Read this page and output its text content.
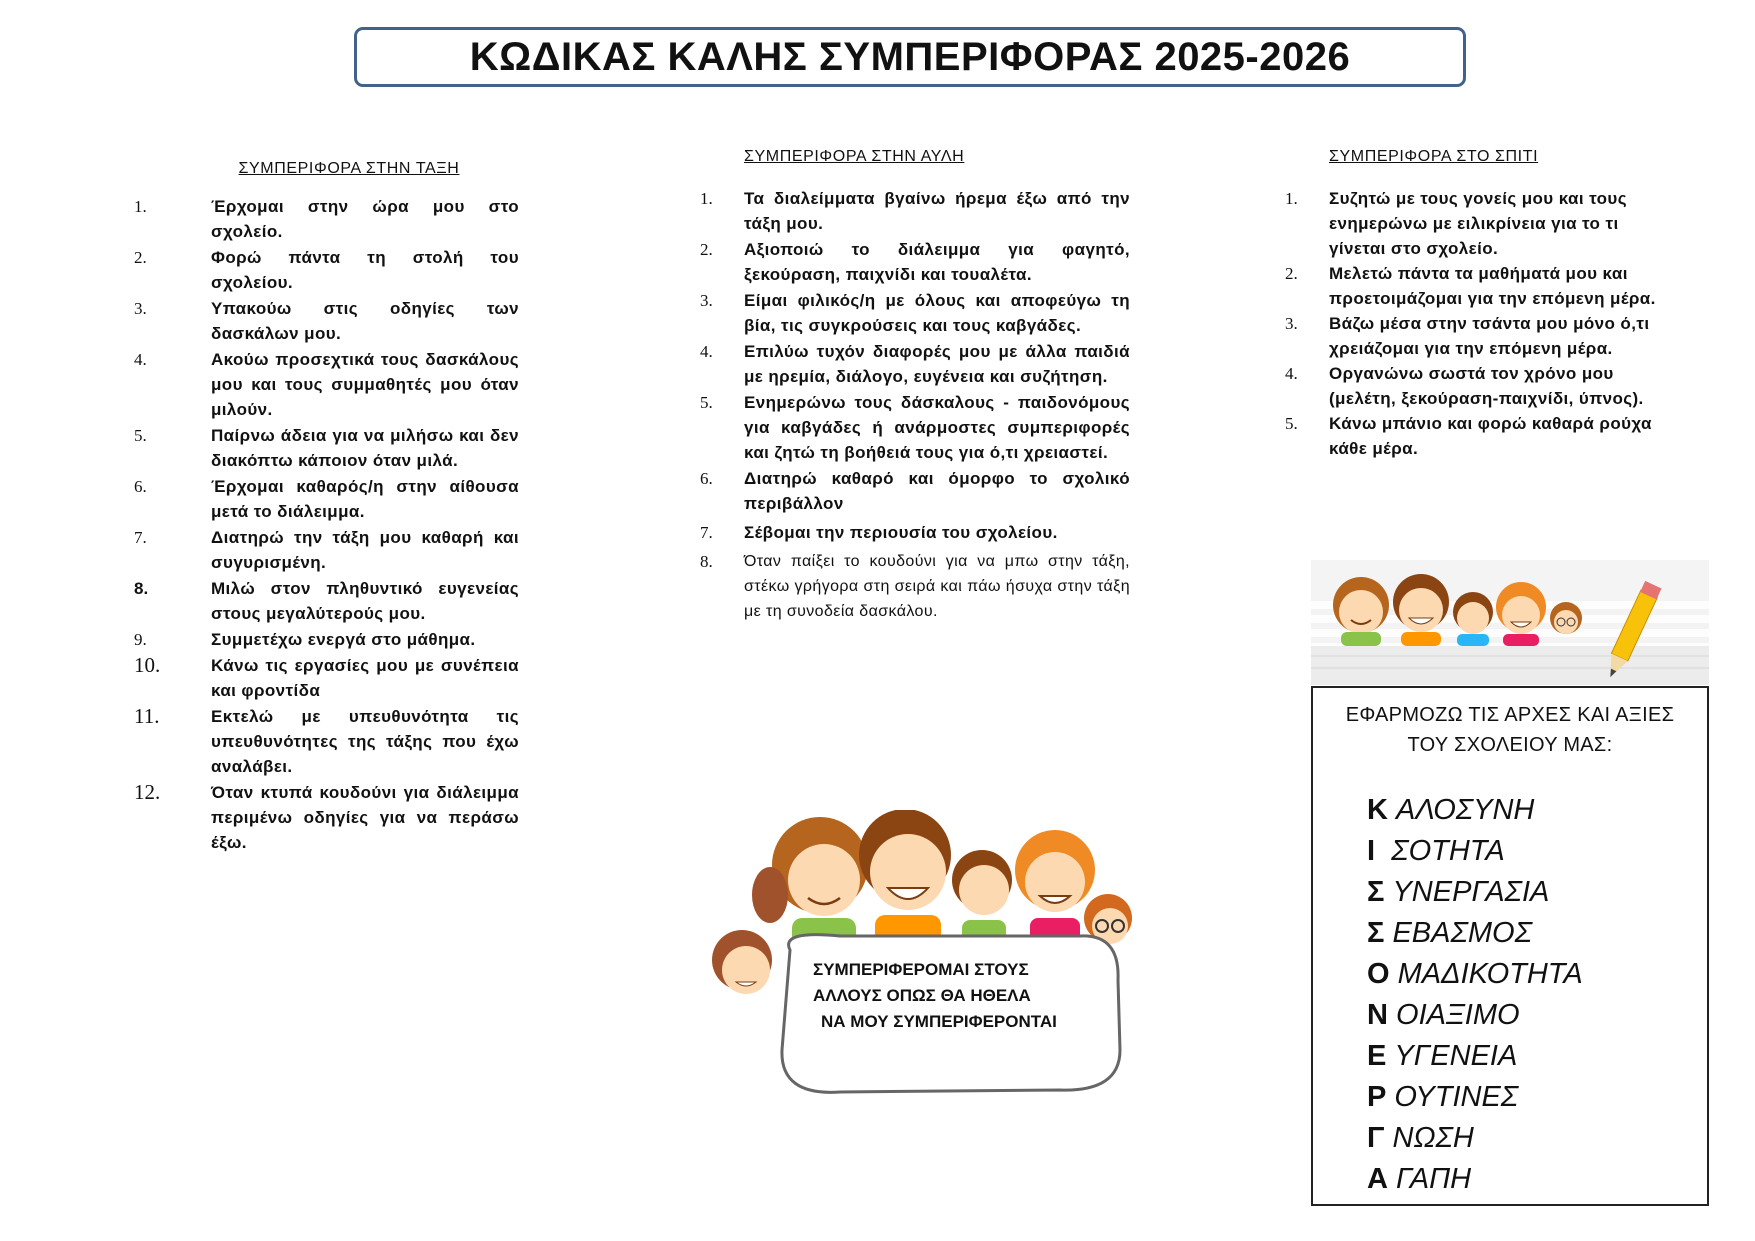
ΚΩΔΙΚΑΣ ΚΑΛΗΣ ΣΥΜΠΕΡΙΦΟΡΑΣ 2025-2026
ΣΥΜΠΕΡΙΦΟΡΑ ΣΤΗΝ ΤΑΞΗ
1.	Έρχομαι στην ώρα μου στο σχολείο.
2.	Φορώ πάντα τη στολή του σχολείου.
3.	Υπακούω στις οδηγίες των δασκάλων μου.
4.	Ακούω προσεχτικά τους δασκάλους μου και τους συμμαθητές μου όταν μιλούν.
5.	Παίρνω άδεια για να μιλήσω και δεν διακόπτω κάποιον όταν μιλά.
6.	Έρχομαι καθαρός/η στην αίθουσα μετά το διάλειμμα.
7.	Διατηρώ την τάξη μου καθαρή και συγυρισμένη.
8.	Μιλώ στον πληθυντικό ευγενείας στους μεγαλύτερούς μου.
9.	Συμμετέχω ενεργά στο μάθημα.
10.	Κάνω τις εργασίες μου με συνέπεια και φροντίδα
11.	Εκτελώ με υπευθυνότητα τις υπευθυνότητες της τάξης που έχω αναλάβει.
12.	Όταν κτυπά κουδούνι για διάλειμμα περιμένω οδηγίες για να περάσω έξω.
ΣΥΜΠΕΡΙΦΟΡΑ ΣΤΗΝ ΑΥΛΗ
1.	Τα διαλείμματα βγαίνω ήρεμα έξω από την τάξη μου.
2.	Αξιοποιώ το διάλειμμα για φαγητό, ξεκούραση, παιχνίδι και τουαλέτα.
3.	Είμαι φιλικός/η με όλους και αποφεύγω τη βία, τις συγκρούσεις και τους καβγάδες.
4.	Επιλύω τυχόν διαφορές μου με άλλα παιδιά με ηρεμία, διάλογο, ευγένεια και συζήτηση.
5.	Ενημερώνω τους δάσκαλους - παιδονόμους για καβγάδες ή ανάρμοστες συμπεριφορές και ζητώ τη βοήθειά τους για ό,τι χρειαστεί.
6.	Διατηρώ καθαρό και όμορφο το σχολικό περιβάλλον
7.	Σέβομαι την περιουσία του σχολείου.
8.	Όταν παίξει το κουδούνι για να μπω στην τάξη, στέκω γρήγορα στη σειρά και πάω ήσυχα στην τάξη με τη συνοδεία δασκάλου.
ΣΥΜΠΕΡΙΦΟΡΑ ΣΤΟ ΣΠΙΤΙ
1.	Συζητώ με τους γονείς μου και τους ενημερώνω με ειλικρίνεια για το τι γίνεται στο σχολείο.
2.	Μελετώ πάντα τα μαθήματά μου και προετοιμάζομαι για την επόμενη μέρα.
3.	Βάζω μέσα στην τσάντα μου μόνο ό,τι χρειάζομαι για την επόμενη μέρα.
4.	Οργανώνω σωστά τον χρόνο μου (μελέτη, ξεκούραση-παιχνίδι, ύπνος).
5.	Κάνω μπάνιο και φορώ καθαρά ρούχα κάθε μέρα.
ΕΦΑΡΜΟΖΩ ΤΙΣ ΑΡΧΕΣ ΚΑΙ ΑΞΙΕΣ
ΤΟΥ ΣΧΟΛΕΙΟΥ ΜΑΣ:
Κ ΑΛΟΣΥΝΗ
Ι  ΣΟΤΗΤΑ
Σ ΥΝΕΡΓΑΣΙΑ
Σ ΕΒΑΣΜΟΣ
Ο ΜΑΔΙΚΟΤΗΤΑ
Ν ΟΙΑΞΙΜΟ
Ε ΥΓΕΝΕΙΑ
Ρ ΟΥΤΙΝΕΣ
Γ ΝΩΣΗ
Α ΓΑΠΗ
ΣΥΜΠΕΡΙΦΕΡΟΜΑΙ ΣΤΟΥΣ
ΑΛΛΟΥΣ ΟΠΩΣ ΘΑ ΗΘΕΛΑ
ΝΑ ΜΟΥ ΣΥΜΠΕΡΙΦΕΡΟΝΤΑΙ
